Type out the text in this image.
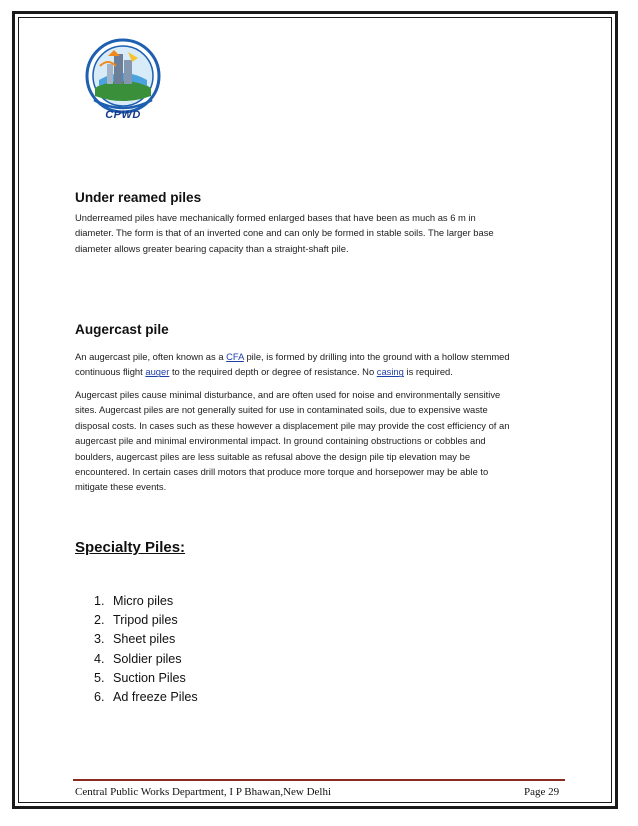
CPWD
Under reamed piles

Underreamed piles have mechanically formed enlarged bases that have been as much as 6 m in
diameter. The form is that of an inverted cone and can only be formed in stable soils. The larger base
diameter allows greater bearing capacity than a straight-shaft pile.

Augercast pile

An augercast pile, often known as a CFA pile, is formed by drilling into the ground with a hollow stemmed
continuous flight auger to the required depth or degree of resistance. No casing is required.

Augercast piles cause minimal disturbance, and are often used for noise and environmentally sensitive
sites. Augercast piles are not generally suited for use in contaminated soils, due to expensive waste
disposal costs. In cases such as these however a displacement pile may provide the cost efficiency of an
augercast pile and minimal environmental impact. In ground containing obstructions or cobbles and
boulders, augercast piles are less suitable as refusal above the design pile tip elevation may be
encountered. In certain cases drill motors that produce more torque and horsepower may be able to
mitigate these events.

Specialty Piles:
1. Micro piles
2. Tripod piles
3. Sheet piles
4. Soldier piles
5. Suction Piles
6. Ad freeze Piles
Central Public Works Department, I P Bhawan,New Delhi	Page 29
